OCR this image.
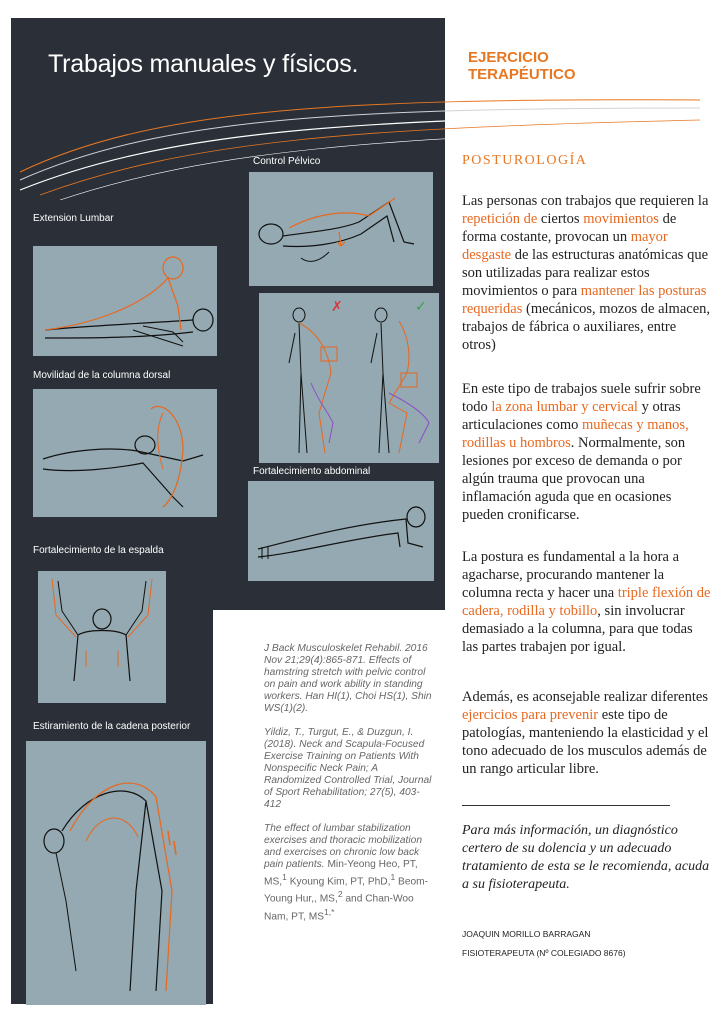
Trabajos manuales y físicos.
Control Pélvico
Extension Lumbar
Movilidad de la columna dorsal
Fortalecimiento abdominal
Fortalecimiento de la espalda
Estiramiento de la cadena posterior
✗	✓

J Back Musculoskelet Rehabil. 2016 Nov 21;29(4):865-871. Effects of hamstring stretch with pelvic control on pain and work ability in standing workers. Han HI(1), Choi HS(1), Shin WS(1)(2).

Yildiz, T., Turgut, E., & Duzgun, I. (2018). Neck and Scapula-Focused Exercise Training on Patients With Nonspecific Neck Pain; A Randomized Controlled Trial, Journal of Sport Rehabilitation; 27(5), 403-412

The effect of lumbar stabilization exercises and thoracic mobilization and exercises on chronic low back pain patients. Min-Yeong Heo, PT, MS,$^1$ Kyoung Kim, PT, PhD,$^1$ Beom-Young Hur,, MS,$^2$ and Chan-Woo Nam, PT, $MS^{1,*}$

EJERCICIO
TERAPÉUTICO
POSTUROLOGÍA
Las personas con trabajos que requieren la repetición de ciertos movimientos de forma costante, provocan un mayor desgaste de las estructuras anatómicas que son utilizadas para realizar estos movimientos o para mantener las posturas requeridas (mecánicos, mozos de almacen, trabajos de fábrica o auxiliares, entre otros)
En este tipo de trabajos suele sufrir sobre todo la zona lumbar y cervical y otras articulaciones como muñecas y manos, rodillas u hombros. Normalmente, son lesiones por exceso de demanda o por algún trauma que provocan una inflamación aguda que en ocasiones pueden cronificarse.
La postura es fundamental a la hora a agacharse, procurando mantener la columna recta y hacer una triple flexión de cadera, rodilla y tobillo, sin involucrar demasiado a la columna, para que todas las partes trabajen por igual.
Además, es aconsejable realizar diferentes ejercicios para prevenir este tipo de patologías, manteniendo la elasticidad y el tono adecuado de los musculos además de un rango articular libre.
Para más información, un diagnóstico certero de su dolencia y un adecuado tratamiento de esta se le recomienda, acuda a su fisioterapeuta.
JOAQUIN MORILLO BARRAGAN
FISIOTERAPEUTA (Nº COLEGIADO 8676)
